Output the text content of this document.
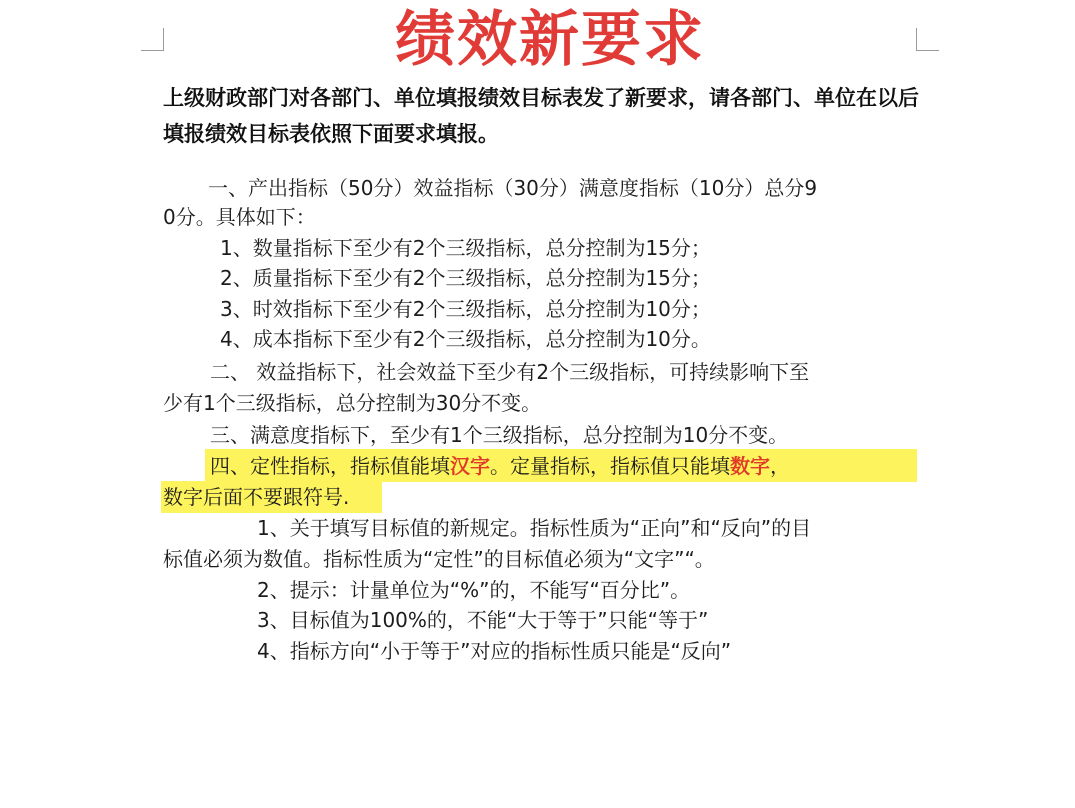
绩效新要求
上级财政部门对各部门、单位填报绩效目标表发了新要求，请各部门、单位在以后填报绩效目标表依照下面要求填报。
一、产出指标（50分）效益指标（30分）满意度指标（10分）总分9
0分。具体如下：
1、数量指标下至少有2个三级指标，总分控制为15分；
2、质量指标下至少有2个三级指标，总分控制为15分；
3、时效指标下至少有2个三级指标，总分控制为10分；
4、成本指标下至少有2个三级指标，总分控制为10分。
二、 效益指标下，社会效益下至少有2个三级指标，可持续影响下至
少有1个三级指标，总分控制为30分不变。
三、满意度指标下，至少有1个三级指标，总分控制为10分不变。
四、定性指标，指标值能填汉字。定量指标，指标值只能填数字，
数字后面不要跟符号.
1、关于填写目标值的新规定。指标性质为“正向”和“反向”的目
标值必须为数值。指标性质为“定性”的目标值必须为“文字”“。
2、提示：计量单位为“%”的，不能写“百分比”。
3、目标值为100%的，不能“大于等于”只能“等于”
4、指标方向“小于等于”对应的指标性质只能是“反向”
